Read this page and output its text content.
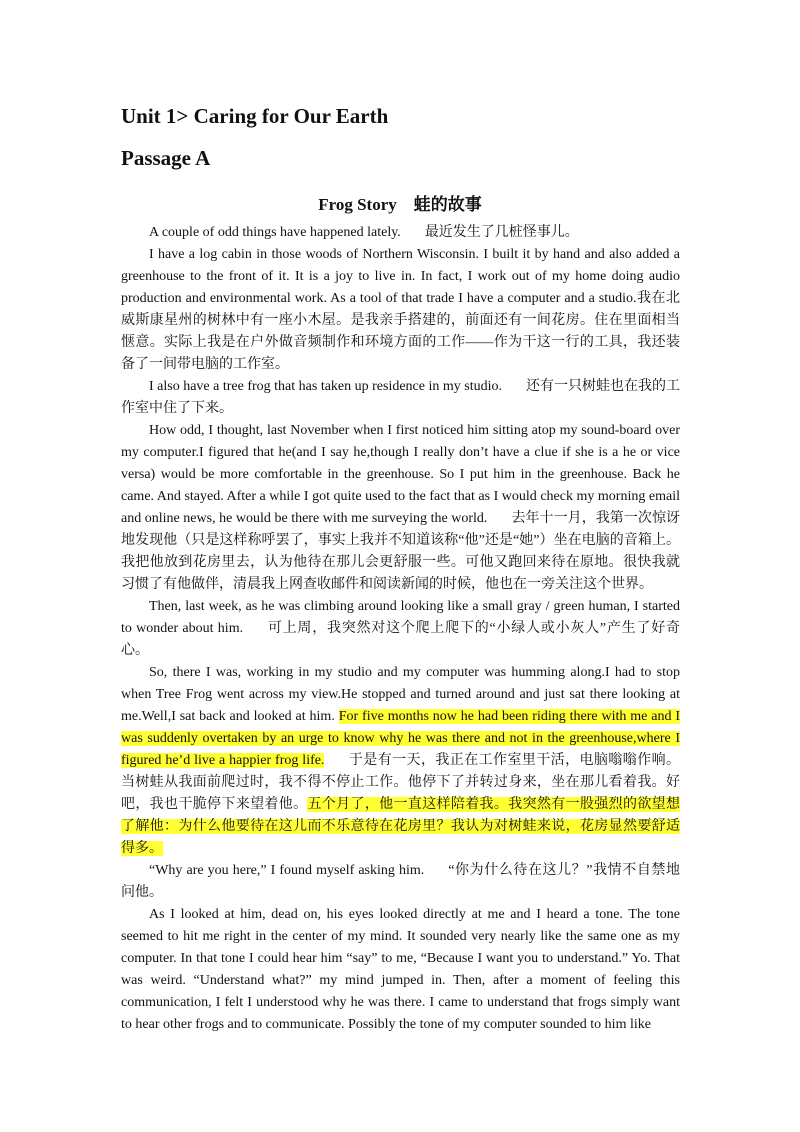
Unit 1> Caring for Our Earth
Passage A
Frog Story　蛙的故事

A couple of odd things have happened lately. 最近发生了几桩怪事儿。

I have a log cabin in those woods of Northern Wisconsin. I built it by hand and also added a greenhouse to the front of it. It is a joy to live in. In fact, I work out of my home doing audio production and environmental work. As a tool of that trade I have a computer and a studio.我在北威斯康星州的树林中有一座小木屋。是我亲手搭建的，前面还有一间花房。住在里面相当惬意。实际上我是在户外做音频制作和环境方面的工作——作为干这一行的工具，我还装备了一间带电脑的工作室。

I also have a tree frog that has taken up residence in my studio. 还有一只树蛙也在我的工作室中住了下来。

How odd, I thought, last November when I first noticed him sitting atop my sound-board over my computer.I figured that he(and I say he,though I really don’t have a clue if she is a he or vice versa) would be more comfortable in the greenhouse. So I put him in the greenhouse. Back he came. And stayed. After a while I got quite used to the fact that as I would check my morning email and online news, he would be there with me surveying the world. 去年十一月，我第一次惊讶地发现他（只是这样称呼罢了，事实上我并不知道该称“他”还是“她”）坐在电脑的音箱上。我把他放到花房里去，认为他待在那儿会更舒服一些。可他又跑回来待在原地。很快我就习惯了有他做伴，清晨我上网查收邮件和阅读新闻的时候，他也在一旁关注这个世界。

Then, last week, as he was climbing around looking like a small gray / green human, I started to wonder about him. 可上周，我突然对这个爬上爬下的“小绿人或小灰人”产生了好奇心。

So, there I was, working in my studio and my computer was humming along.I had to stop when Tree Frog went across my view.He stopped and turned around and just sat there looking at me.Well,I sat back and looked at him. For five months now he had been riding there with me and I was suddenly overtaken by an urge to know why he was there and not in the greenhouse,where I figured he’d live a happier frog life. 于是有一天，我正在工作室里干活，电脑嗡嗡作响。当树蛙从我面前爬过时，我不得不停止工作。他停下了并转过身来，坐在那儿看着我。好吧，我也干脆停下来望着他。五个月了，他一直这样陪着我。我突然有一股强烈的欲望想了解他：为什么他要待在这儿而不乐意待在花房里？我认为对树蛙来说，花房显然要舒适得多。

“Why are you here,” I found myself asking him. “你为什么待在这儿？”我情不自禁地问他。

As I looked at him, dead on, his eyes looked directly at me and I heard a tone. The tone seemed to hit me right in the center of my mind. It sounded very nearly like the same one as my computer. In that tone I could hear him “say” to me, “Because I want you to understand.” Yo. That was weird. “Understand what?” my mind jumped in. Then, after a moment of feeling this communication, I felt I understood why he was there. I came to understand that frogs simply want to hear other frogs and to communicate. Possibly the tone of my computer sounded to him like
